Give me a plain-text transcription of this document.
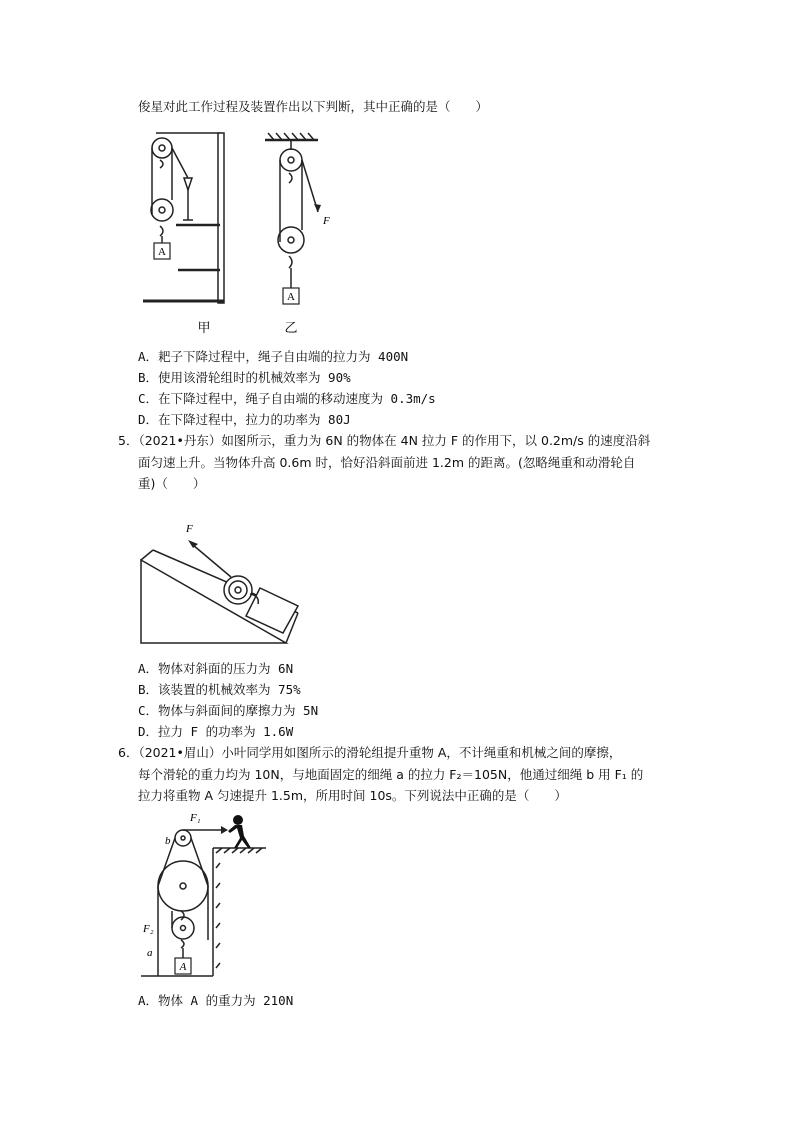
俊星对此工作过程及装置作出以下判断，其中正确的是（　　）
A
甲
F
A
乙
A．耙子下降过程中，绳子自由端的拉力为 400N
B．使用该滑轮组时的机械效率为 90%
C．在下降过程中，绳子自由端的移动速度为 0.3m/s
D．在下降过程中，拉力的功率为 80J
5．（2021•丹东）如图所示，重力为 6N 的物体在 4N 拉力 F 的作用下，以 0.2m/s 的速度沿斜
面匀速上升。当物体升高 0.6m 时，恰好沿斜面前进 1.2m 的距离。(忽略绳重和动滑轮自
重)（　　）
F
A．物体对斜面的压力为 6N
B．该装置的机械效率为 75%
C．物体与斜面间的摩擦力为 5N
D．拉力 F 的功率为 1.6W
6．（2021•眉山）小叶同学用如图所示的滑轮组提升重物 A，不计绳重和机械之间的摩擦，
每个滑轮的重力均为 10N，与地面固定的细绳 a 的拉力 F₂＝105N，他通过细绳 b 用 F₁ 的
拉力将重物 A 匀速提升 1.5m，所用时间 10s。下列说法中正确的是（　　）
A
F₁
b
F₂
a
A．物体 A 的重力为 210N
